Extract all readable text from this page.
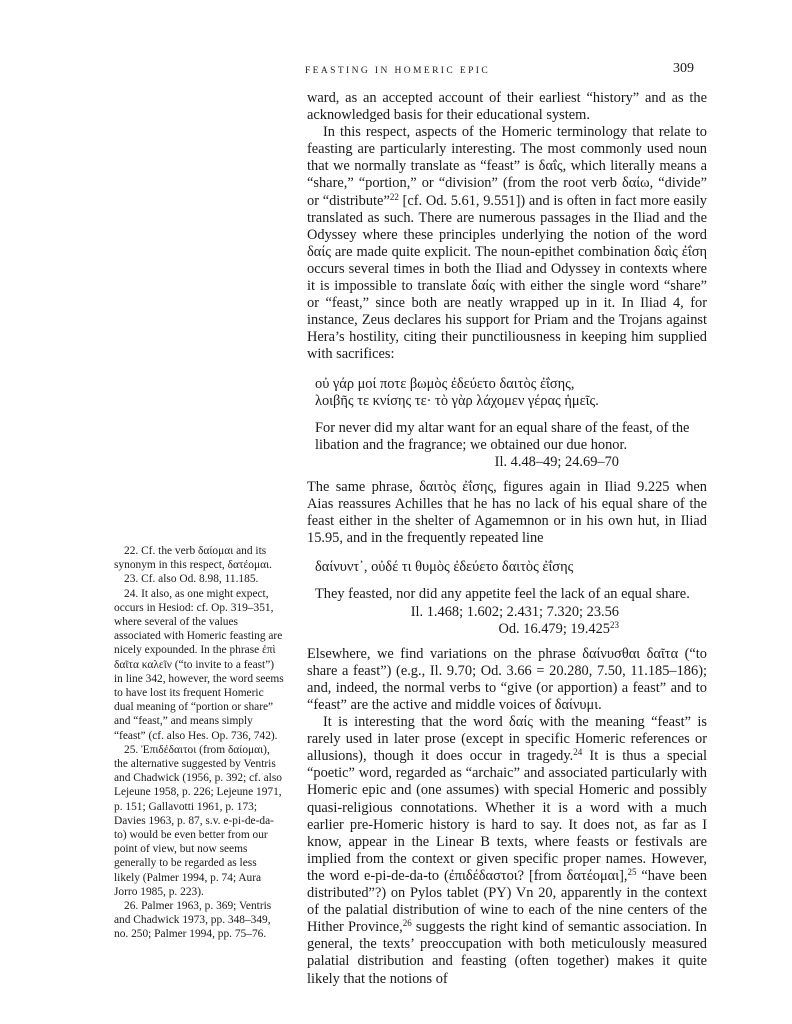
FEASTING IN HOMERIC EPIC	309

ward, as an accepted account of their earliest “history” and as the acknowledged basis for their educational system.

In this respect, aspects of the Homeric terminology that relate to feasting are particularly interesting. The most commonly used noun that we normally translate as “feast” is δαΐς, which literally means a “share,” “portion,” or “division” (from the root verb δαίω, “divide” or “distribute”$^{22}$ [cf. Od. 5.61, 9.551]) and is often in fact more easily translated as such. There are numerous passages in the Iliad and the Odyssey where these principles underlying the notion of the word δαίς are made quite explicit. The noun-epithet combination δαὶς ἐΐση occurs several times in both the Iliad and Odyssey in contexts where it is impossible to translate δαίς with either the single word “share” or “feast,” since both are neatly wrapped up in it. In Iliad 4, for instance, Zeus declares his support for Priam and the Trojans against Hera’s hostility, citing their punctiliousness in keeping him supplied with sacrifices:

οὐ γάρ μοί ποτε βωμὸς ἐδεύετο δαιτὸς ἐΐσης,
λοιβῆς τε κνίσης τε· τὸ γὰρ λάχομεν γέρας ἡμεῖς.
For never did my altar want for an equal share of the feast, of the libation and the fragrance; we obtained our due honor.
Il. 4.48–49; 24.69–70

The same phrase, δαιτὸς ἐΐσης, figures again in Iliad 9.225 when Aias reassures Achilles that he has no lack of his equal share of the feast either in the shelter of Agamemnon or in his own hut, in Iliad 15.95, and in the frequently repeated line

δαίνυντ᾽, οὐδέ τι θυμὸς ἐδεύετο δαιτὸς ἐΐσης
They feasted, nor did any appetite feel the lack of an equal share.
Il. 1.468; 1.602; 2.431; 7.320; 23.56
Od. 16.479; 19.425$^{23}$

Elsewhere, we find variations on the phrase δαίνυσθαι δαῖτα (“to share a feast”) (e.g., Il. 9.70; Od. 3.66 = 20.280, 7.50, 11.185–186); and, indeed, the normal verbs to “give (or apportion) a feast” and to “feast” are the active and middle voices of δαίνυμι.

It is interesting that the word δαίς with the meaning “feast” is rarely used in later prose (except in specific Homeric references or allusions), though it does occur in tragedy.$^{24}$ It is thus a special “poetic” word, regarded as “archaic” and associated particularly with Homeric epic and (one assumes) with special Homeric and possibly quasi-religious connotations. Whether it is a word with a much earlier pre-Homeric history is hard to say. It does not, as far as I know, appear in the Linear B texts, where feasts or festivals are implied from the context or given specific proper names. However, the word e-pi-de-da-to (ἐπιδέδαστοι? [from δατέομαι],$^{25}$ “have been distributed”?) on Pylos tablet (PY) Vn 20, apparently in the context of the palatial distribution of wine to each of the nine centers of the Hither Province,$^{26}$ suggests the right kind of semantic association. In general, the texts’ preoccupation with both meticulously measured palatial distribution and feasting (often together) makes it quite likely that the notions of

22. Cf. the verb δαίομαι and its synonym in this respect, δατέομαι.

23. Cf. also Od. 8.98, 11.185.

24. It also, as one might expect, occurs in Hesiod: cf. Op. 319–351, where several of the values associated with Homeric feasting are nicely expounded. In the phrase ἐπὶ δαῖτα καλεῖν (“to invite to a feast”) in line 342, however, the word seems to have lost its frequent Homeric dual meaning of “portion or share” and “feast,” and means simply “feast” (cf. also Hes. Op. 736, 742).

25. Ἐπιδέδαιτοι (from δαίομαι), the alternative suggested by Ventris and Chadwick (1956, p. 392; cf. also Lejeune 1958, p. 226; Lejeune 1971, p. 151; Gallavotti 1961, p. 173; Davies 1963, p. 87, s.v. e-pi-de-da-to) would be even better from our point of view, but now seems generally to be regarded as less likely (Palmer 1994, p. 74; Aura Jorro 1985, p. 223).

26. Palmer 1963, p. 369; Ventris and Chadwick 1973, pp. 348–349, no. 250; Palmer 1994, pp. 75–76.
